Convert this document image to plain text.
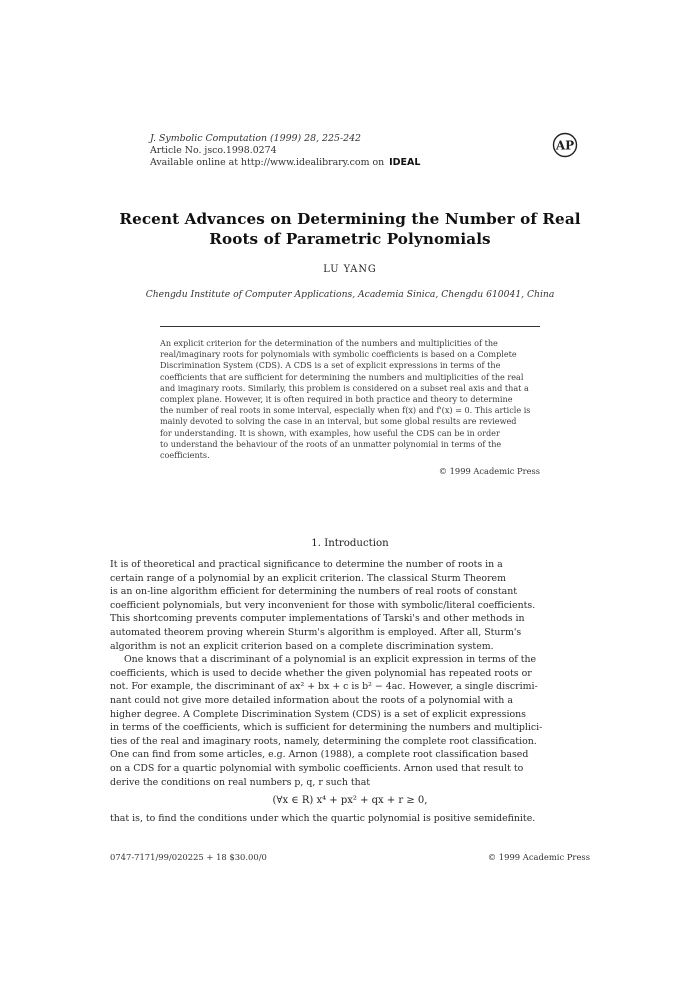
J. Symbolic Computation (1999) 28, 225-242
Article No. jsco.1998.0274
Available online at http://www.idealibrary.com on IDEAL
AP
Recent Advances on Determining the Number of Real
Roots of Parametric Polynomials
LU YANG
Chengdu Institute of Computer Applications, Academia Sinica, Chengdu 610041, China
An explicit criterion for the determination of the numbers and multiplicities of the
real/imaginary roots for polynomials with symbolic coefficients is based on a Complete
Discrimination System (CDS). A CDS is a set of explicit expressions in terms of the
coefficients that are sufficient for determining the numbers and multiplicities of the real
and imaginary roots. Similarly, this problem is considered on a subset real axis and that a
complex plane. However, it is often required in both practice and theory to determine
the number of real roots in some interval, especially when f(x) and f'(x) = 0. This article is
mainly devoted to solving the case in an interval, but some global results are reviewed
for understanding. It is shown, with examples, how useful the CDS can be in order
to understand the behaviour of the roots of an unmatter polynomial in terms of the
coefficients.
© 1999 Academic Press
1. Introduction
It is of theoretical and practical significance to determine the number of roots in a
certain range of a polynomial by an explicit criterion. The classical Sturm Theorem
is an on-line algorithm efficient for determining the numbers of real roots of constant
coefficient polynomials, but very inconvenient for those with symbolic/literal coefficients.
This shortcoming prevents computer implementations of Tarski's and other methods in
automated theorem proving wherein Sturm's algorithm is employed. After all, Sturm's
algorithm is not an explicit criterion based on a complete discrimination system.
One knows that a discriminant of a polynomial is an explicit expression in terms of the
coefficients, which is used to decide whether the given polynomial has repeated roots or
not. For example, the discriminant of ax² + bx + c is b² − 4ac. However, a single discrimi-
nant could not give more detailed information about the roots of a polynomial with a
higher degree. A Complete Discrimination System (CDS) is a set of explicit expressions
in terms of the coefficients, which is sufficient for determining the numbers and multiplici-
ties of the real and imaginary roots, namely, determining the complete root classification.
One can find from some articles, e.g. Arnon (1988), a complete root classification based
on a CDS for a quartic polynomial with symbolic coefficients. Arnon used that result to
derive the conditions on real numbers p, q, r such that
(∀x ∈ R) x⁴ + px² + qx + r ≥ 0,
that is, to find the conditions under which the quartic polynomial is positive semidefinite.
0747-7171/99/020225 + 18 $30.00/0	© 1999 Academic Press
